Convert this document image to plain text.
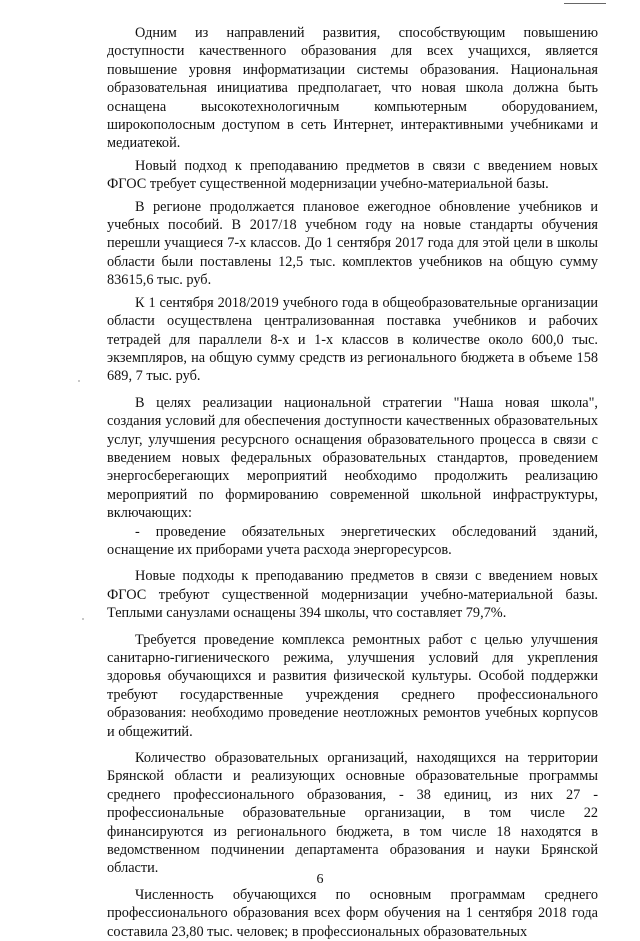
Одним из направлений развития, способствующим повышению доступности качественного образования для всех учащихся, является повышение уровня информатизации системы образования. Национальная образовательная инициатива предполагает, что новая школа должна быть оснащена высокотехнологичным компьютерным оборудованием, широкополосным доступом в сеть Интернет, интерактивными учебниками и медиатекой.

Новый подход к преподаванию предметов в связи с введением новых ФГОС требует существенной модернизации учебно-материальной базы.

В регионе продолжается плановое ежегодное обновление учебников и учебных пособий. В 2017/18 учебном году на новые стандарты обучения перешли учащиеся 7-х классов. До 1 сентября 2017 года для этой цели в школы области были поставлены 12,5 тыс. комплектов учебников на общую сумму 83615,6 тыс. руб.

К 1 сентября 2018/2019 учебного года в общеобразовательные организации области осуществлена централизованная поставка учебников и рабочих тетрадей для параллели 8-х и 1-х классов в количестве около 600,0 тыс. экземпляров, на общую сумму средств из регионального бюджета в объеме 158 689, 7 тыс. руб.

В целях реализации национальной стратегии "Наша новая школа", создания условий для обеспечения доступности качественных образовательных услуг, улучшения ресурсного оснащения образовательного процесса в связи с введением новых федеральных образовательных стандартов, проведением энергосберегающих мероприятий необходимо продолжить реализацию мероприятий по формированию современной школьной инфраструктуры, включающих:

- проведение обязательных энергетических обследований зданий, оснащение их приборами учета расхода энергоресурсов.

Новые подходы к преподаванию предметов в связи с введением новых ФГОС требуют существенной модернизации учебно-материальной базы. Теплыми санузлами оснащены 394 школы, что составляет 79,7%.

Требуется проведение комплекса ремонтных работ с целью улучшения санитарно-гигиенического режима, улучшения условий для укрепления здоровья обучающихся и развития физической культуры. Особой поддержки требуют государственные учреждения среднего профессионального образования: необходимо проведение неотложных ремонтов учебных корпусов и общежитий.

Количество образовательных организаций, находящихся на территории Брянской области и реализующих основные образовательные программы среднего профессионального образования, - 38 единиц, из них 27 - профессиональные образовательные организации, в том числе 22 финансируются из регионального бюджета, в том числе 18 находятся в ведомственном подчинении департамента образования и науки Брянской области.

Численность обучающихся по основным программам среднего профессионального образования всех форм обучения на 1 сентября 2018 года составила 23,80 тыс. человек; в профессиональных образовательных

6
